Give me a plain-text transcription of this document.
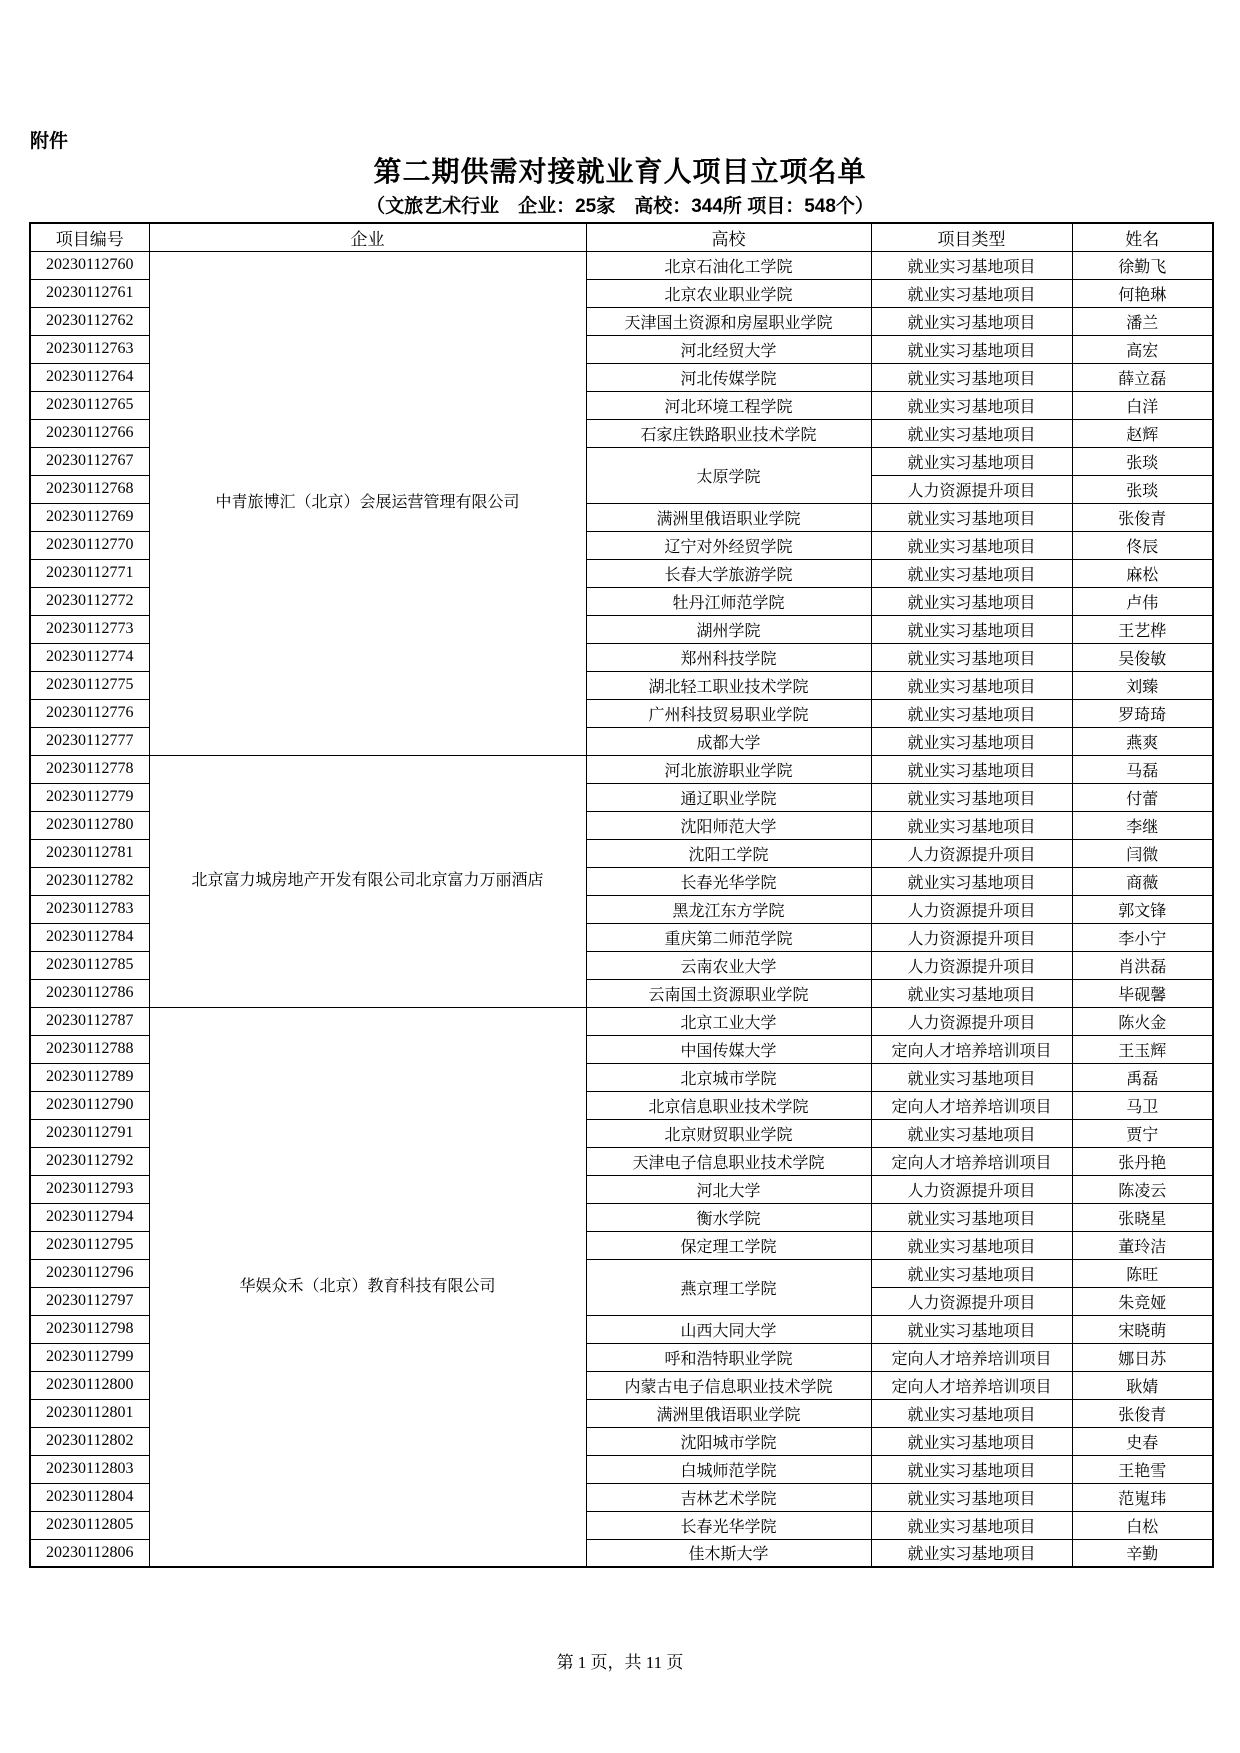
附件
第二期供需对接就业育人项目立项名单
（文旅艺术行业　企业：25家　高校：344所 项目：548个）
项目编号	企业	高校	项目类型	姓名
20230112760	中青旅博汇（北京）会展运营管理有限公司	北京石油化工学院	就业实习基地项目	徐勤飞
20230112761		北京农业职业学院	就业实习基地项目	何艳琳
20230112762		天津国土资源和房屋职业学院	就业实习基地项目	潘兰
20230112763		河北经贸大学	就业实习基地项目	高宏
20230112764		河北传媒学院	就业实习基地项目	薛立磊
20230112765		河北环境工程学院	就业实习基地项目	白洋
20230112766		石家庄铁路职业技术学院	就业实习基地项目	赵辉
20230112767		太原学院	就业实习基地项目	张琰
20230112768			人力资源提升项目	张琰
20230112769		满洲里俄语职业学院	就业实习基地项目	张俊青
20230112770		辽宁对外经贸学院	就业实习基地项目	佟辰
20230112771		长春大学旅游学院	就业实习基地项目	麻松
20230112772		牡丹江师范学院	就业实习基地项目	卢伟
20230112773		湖州学院	就业实习基地项目	王艺桦
20230112774		郑州科技学院	就业实习基地项目	吴俊敏
20230112775		湖北轻工职业技术学院	就业实习基地项目	刘臻
20230112776		广州科技贸易职业学院	就业实习基地项目	罗琦琦
20230112777		成都大学	就业实习基地项目	燕爽
20230112778	北京富力城房地产开发有限公司北京富力万丽酒店	河北旅游职业学院	就业实习基地项目	马磊
20230112779		通辽职业学院	就业实习基地项目	付蕾
20230112780		沈阳师范大学	就业实习基地项目	李继
20230112781		沈阳工学院	人力资源提升项目	闫微
20230112782		长春光华学院	就业实习基地项目	商薇
20230112783		黑龙江东方学院	人力资源提升项目	郭文锋
20230112784		重庆第二师范学院	人力资源提升项目	李小宁
20230112785		云南农业大学	人力资源提升项目	肖洪磊
20230112786		云南国土资源职业学院	就业实习基地项目	毕砚馨
20230112787	华娱众禾（北京）教育科技有限公司	北京工业大学	人力资源提升项目	陈火金
20230112788		中国传媒大学	定向人才培养培训项目	王玉辉
20230112789		北京城市学院	就业实习基地项目	禹磊
20230112790		北京信息职业技术学院	定向人才培养培训项目	马卫
20230112791		北京财贸职业学院	就业实习基地项目	贾宁
20230112792		天津电子信息职业技术学院	定向人才培养培训项目	张丹艳
20230112793		河北大学	人力资源提升项目	陈凌云
20230112794		衡水学院	就业实习基地项目	张晓星
20230112795		保定理工学院	就业实习基地项目	董玲洁
20230112796		燕京理工学院	就业实习基地项目	陈旺
20230112797			人力资源提升项目	朱竞娅
20230112798		山西大同大学	就业实习基地项目	宋晓萌
20230112799		呼和浩特职业学院	定向人才培养培训项目	娜日苏
20230112800		内蒙古电子信息职业技术学院	定向人才培养培训项目	耿婧
20230112801		满洲里俄语职业学院	就业实习基地项目	张俊青
20230112802		沈阳城市学院	就业实习基地项目	史春
20230112803		白城师范学院	就业实习基地项目	王艳雪
20230112804		吉林艺术学院	就业实习基地项目	范嵬玮
20230112805		长春光华学院	就业实习基地项目	白松
20230112806		佳木斯大学	就业实习基地项目	辛勤
第 1 页，共 11 页
